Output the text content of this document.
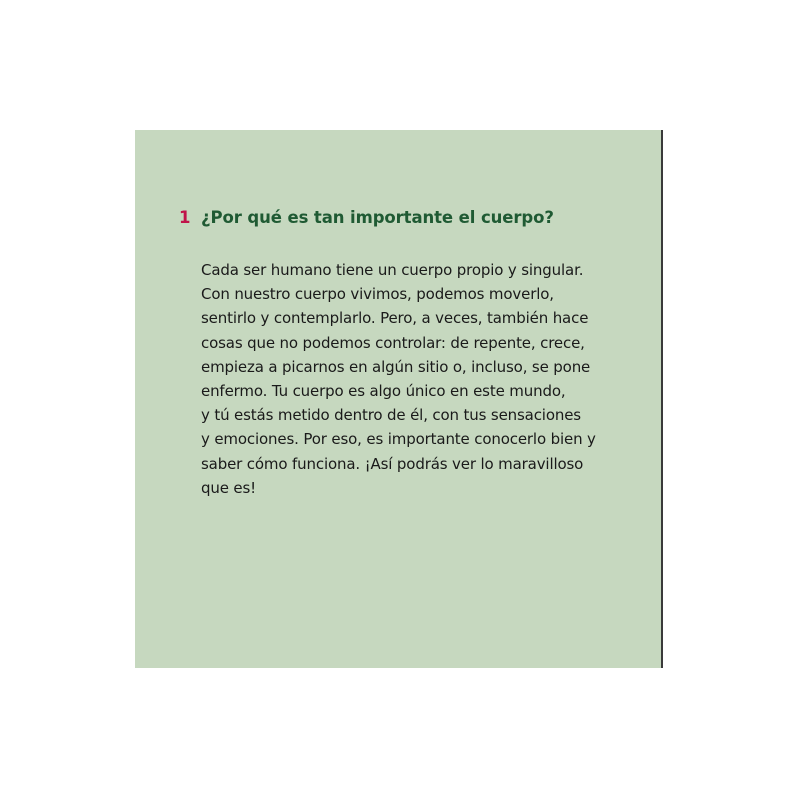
1 ¿Por qué es tan importante el cuerpo?
Cada ser humano tiene un cuerpo propio y singular.
Con nuestro cuerpo vivimos, podemos moverlo,
sentirlo y contemplarlo. Pero, a veces, también hace
cosas que no podemos controlar: de repente, crece,
empieza a picarnos en algún sitio o, incluso, se pone
enfermo. Tu cuerpo es algo único en este mundo,
y tú estás metido dentro de él, con tus sensaciones
y emociones. Por eso, es importante conocerlo bien y
saber cómo funciona. ¡Así podrás ver lo maravilloso
que es!
